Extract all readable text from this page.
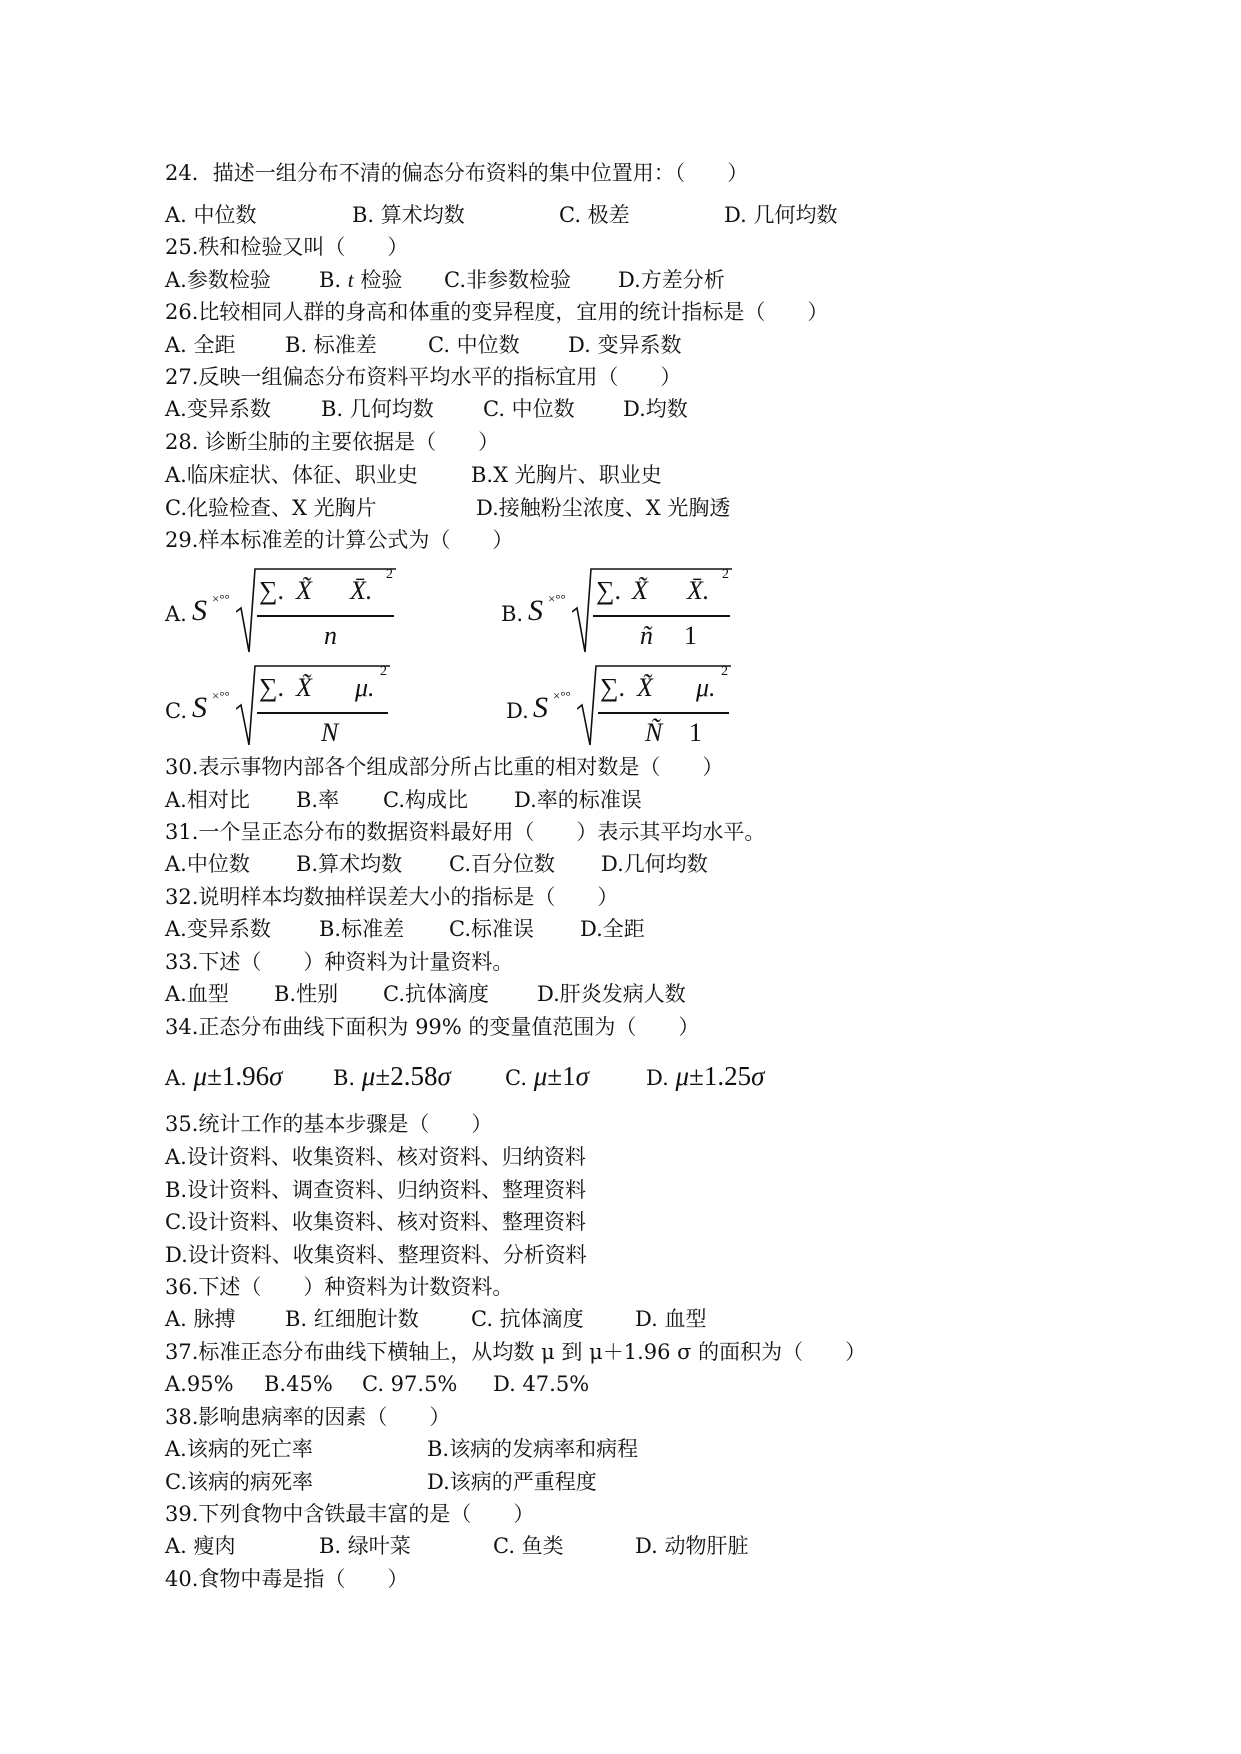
24．描述一组分布不清的偏态分布资料的集中位置用：（　　）
A. 中位数	B. 算术均数	C. 极差	D. 几何均数
25.秩和检验又叫（　　）
A.参数检验 B. t 检验 C.非参数检验 D.方差分析
26.比较相同人群的身高和体重的变异程度，宜用的统计指标是（　　）
A. 全距 B. 标准差 C. 中位数 D. 变异系数
27.反映一组偏态分布资料平均水平的指标宜用（　　）
A.变异系数 B. 几何均数 C. 中位数 D.均数
28. 诊断尘肺的主要依据是（　　）
A.临床症状、体征、职业史	B.X 光胸片、职业史
C.化验检查、X 光胸片	D.接触粉尘浓度、X 光胸透
29.样本标准差的计算公式为（　　）
A. S ×°° ∑. X̃ X̄.
2
n
B. S ×°° ∑. X̃ X̄.
2
ñ 1
C. S ×°° ∑. X̃ μ.
2
N
D. S ×°° ∑. X̃ μ.
2
Ñ 1
30.表示事物内部各个组成部分所占比重的相对数是（　　）
A.相对比 B.率 C.构成比 D.率的标准误
31.一个呈正态分布的数据资料最好用（　　）表示其平均水平。
A.中位数 B.算术均数 C.百分位数 D.几何均数
32.说明样本均数抽样误差大小的指标是（　　）
A.变异系数 B.标准差 C.标准误 D.全距
33.下述（　　）种资料为计量资料。
A.血型 B.性别 C.抗体滴度 D.肝炎发病人数
34.正态分布曲线下面积为 99% 的变量值范围为（　　）
A. μ±1.96σ B. μ±2.58σ	C. μ±1σ	D. μ±1.25σ
35.统计工作的基本步骤是（　　）
A.设计资料、收集资料、核对资料、归纳资料
B.设计资料、调查资料、归纳资料、整理资料
C.设计资料、收集资料、核对资料、整理资料
D.设计资料、收集资料、整理资料、分析资料
36.下述（　　）种资料为计数资料。
A. 脉搏 B. 红细胞计数 C. 抗体滴度 D. 血型
37.标准正态分布曲线下横轴上，从均数 μ 到 μ＋1.96 σ 的面积为（　　）
A.95% B.45% C. 97.5% D. 47.5%
38.影响患病率的因素（　　）
A.该病的死亡率	B.该病的发病率和病程
C.该病的病死率	D.该病的严重程度
39.下列食物中含铁最丰富的是（　　）
A. 瘦肉	B. 绿叶菜	C. 鱼类	D. 动物肝脏
40.食物中毒是指（　　）
